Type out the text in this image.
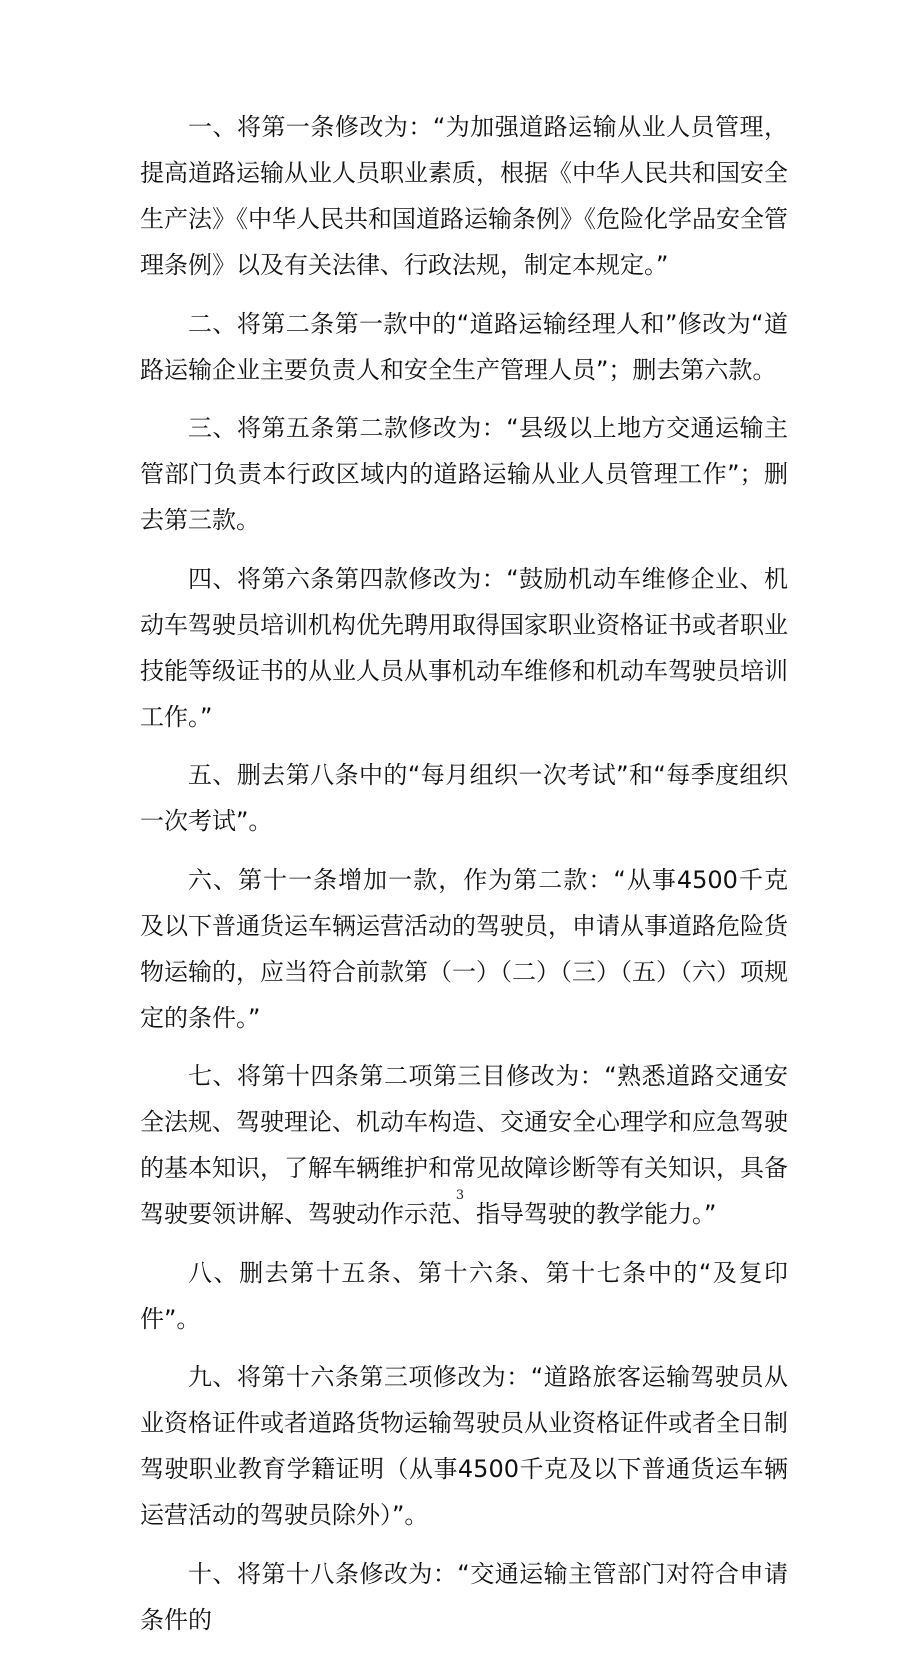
一、将第一条修改为：“为加强道路运输从业人员管理，提高道路运输从业人员职业素质，根据《中华人民共和国安全生产法》《中华人民共和国道路运输条例》《危险化学品安全管理条例》以及有关法律、行政法规，制定本规定。”

二、将第二条第一款中的“道路运输经理人和”修改为“道路运输企业主要负责人和安全生产管理人员”；删去第六款。

三、将第五条第二款修改为：“县级以上地方交通运输主管部门负责本行政区域内的道路运输从业人员管理工作”；删去第三款。

四、将第六条第四款修改为：“鼓励机动车维修企业、机动车驾驶员培训机构优先聘用取得国家职业资格证书或者职业技能等级证书的从业人员从事机动车维修和机动车驾驶员培训工作。”

五、删去第八条中的“每月组织一次考试”和“每季度组织一次考试”。

六、第十一条增加一款，作为第二款：“从事4500千克及以下普通货运车辆运营活动的驾驶员，申请从事道路危险货物运输的，应当符合前款第（一）（二）（三）（五）（六）项规定的条件。”

七、将第十四条第二项第三目修改为：“熟悉道路交通安全法规、驾驶理论、机动车构造、交通安全心理学和应急驾驶的基本知识，了解车辆维护和常见故障诊断等有关知识，具备驾驶要领讲解、驾驶动作示范、指导驾驶的教学能力。”

八、删去第十五条、第十六条、第十七条中的“及复印件”。

九、将第十六条第三项修改为：“道路旅客运输驾驶员从业资格证件或者道路货物运输驾驶员从业资格证件或者全日制驾驶职业教育学籍证明（从事4500千克及以下普通货运车辆运营活动的驾驶员除外）”。

十、将第十八条修改为：“交通运输主管部门对符合申请条件的

3
